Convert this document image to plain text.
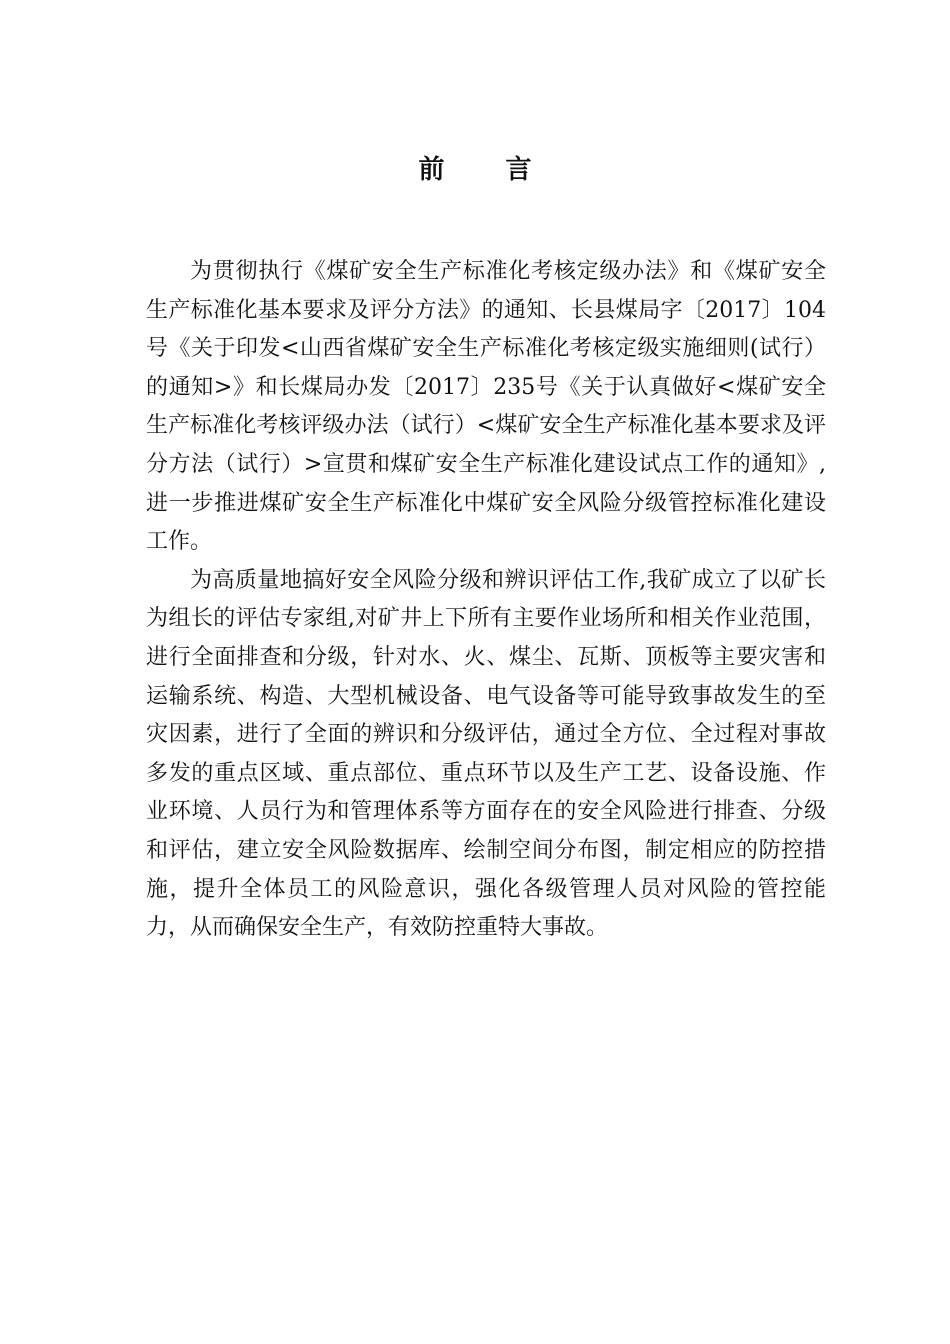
前 言

为贯彻执行《煤矿安全生产标准化考核定级办法》和《煤矿安全生产标准化基本要求及评分方法》的通知、长县煤局字〔2017〕104号《关于印发<山西省煤矿安全生产标准化考核定级实施细则(试行）的通知>》和长煤局办发〔2017〕235号《关于认真做好<煤矿安全生产标准化考核评级办法（试行）<煤矿安全生产标准化基本要求及评分方法（试行）>宣贯和煤矿安全生产标准化建设试点工作的通知》,进一步推进煤矿安全生产标准化中煤矿安全风险分级管控标准化建设工作。

为高质量地搞好安全风险分级和辨识评估工作,我矿成立了以矿长为组长的评估专家组,对矿井上下所有主要作业场所和相关作业范围，进行全面排查和分级，针对水、火、煤尘、瓦斯、顶板等主要灾害和运输系统、构造、大型机械设备、电气设备等可能导致事故发生的至灾因素，进行了全面的辨识和分级评估，通过全方位、全过程对事故多发的重点区域、重点部位、重点环节以及生产工艺、设备设施、作业环境、人员行为和管理体系等方面存在的安全风险进行排查、分级和评估，建立安全风险数据库、绘制空间分布图，制定相应的防控措施，提升全体员工的风险意识，强化各级管理人员对风险的管控能力，从而确保安全生产，有效防控重特大事故。
